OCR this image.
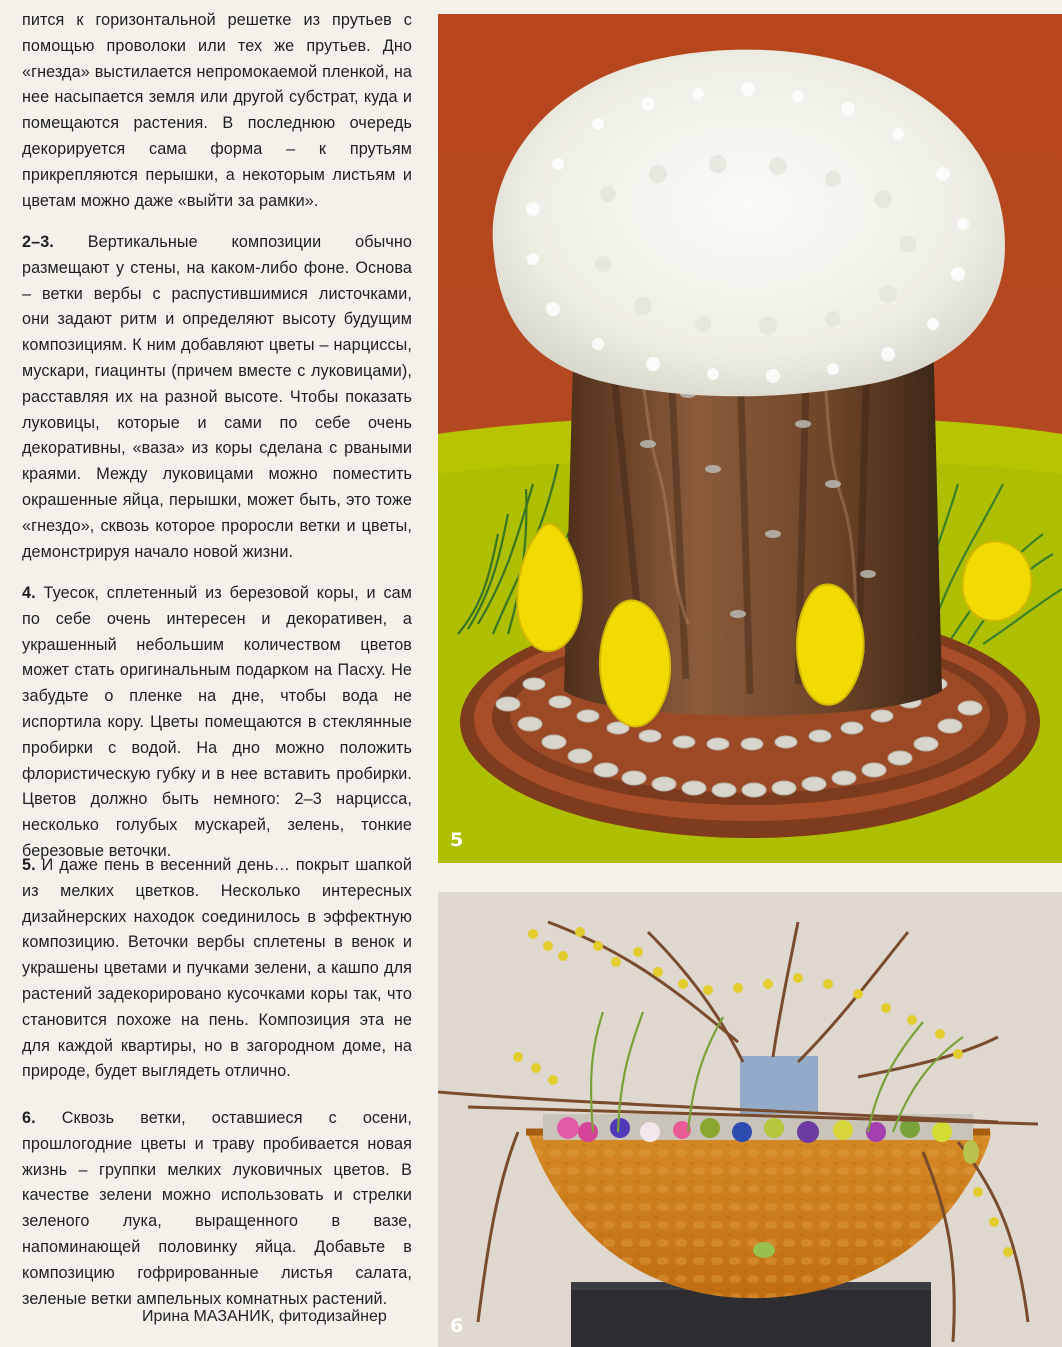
пится к горизонтальной решетке из прутьев с помощью проволоки или тех же прутьев. Дно «гнезда» выстилается непромокаемой пленкой, на нее насыпается земля или другой субстрат, куда и помещаются растения. В последнюю очередь декорируется сама форма – к прутьям прикрепляются перышки, а некоторым листьям и цветам можно даже «выйти за рамки».

2–3. Вертикальные композиции обычно размещают у стены, на каком-либо фоне. Основа – ветки вербы с распустившимися листочками, они задают ритм и определяют высоту будущим композициям. К ним добавляют цветы – нарциссы, мускари, гиацинты (причем вместе с луковицами), расставляя их на разной высоте. Чтобы показать луковицы, которые и сами по себе очень декоративны, «ваза» из коры сделана с рваными краями. Между луковицами можно поместить окрашенные яйца, перышки, может быть, это тоже «гнездо», сквозь которое проросли ветки и цветы, демонстрируя начало новой жизни.

4. Туесок, сплетенный из березовой коры, и сам по себе очень интересен и декоративен, а украшенный небольшим количеством цветов может стать оригинальным подарком на Пасху. Не забудьте о пленке на дне, чтобы вода не испортила кору. Цветы помещаются в стеклянные пробирки с водой. На дно можно положить флористическую губку и в нее вставить пробирки. Цветов должно быть немного: 2–3 нарцисса, несколько голубых мускарей, зелень, тонкие березовые веточки.

5. И даже пень в весенний день… покрыт шапкой из мелких цветков. Несколько интересных дизайнерских находок соединилось в эффектную композицию. Веточки вербы сплетены в венок и украшены цветами и пучками зелени, а кашпо для растений задекорировано кусочками коры так, что становится похоже на пень. Композиция эта не для каждой квартиры, но в загородном доме, на природе, будет выглядеть отлично.

6. Сквозь ветки, оставшиеся с осени, прошлогодние цветы и траву пробивается новая жизнь – группки мелких луковичных цветов. В качестве зелени можно использовать и стрелки зеленого лука, выращенного в вазе, напоминающей половинку яйца. Добавьте в композицию гофрированные листья салата, зеленые ветки ампельных комнатных растений.

Ирина МАЗАНИК, фитодизайнер
5
6
